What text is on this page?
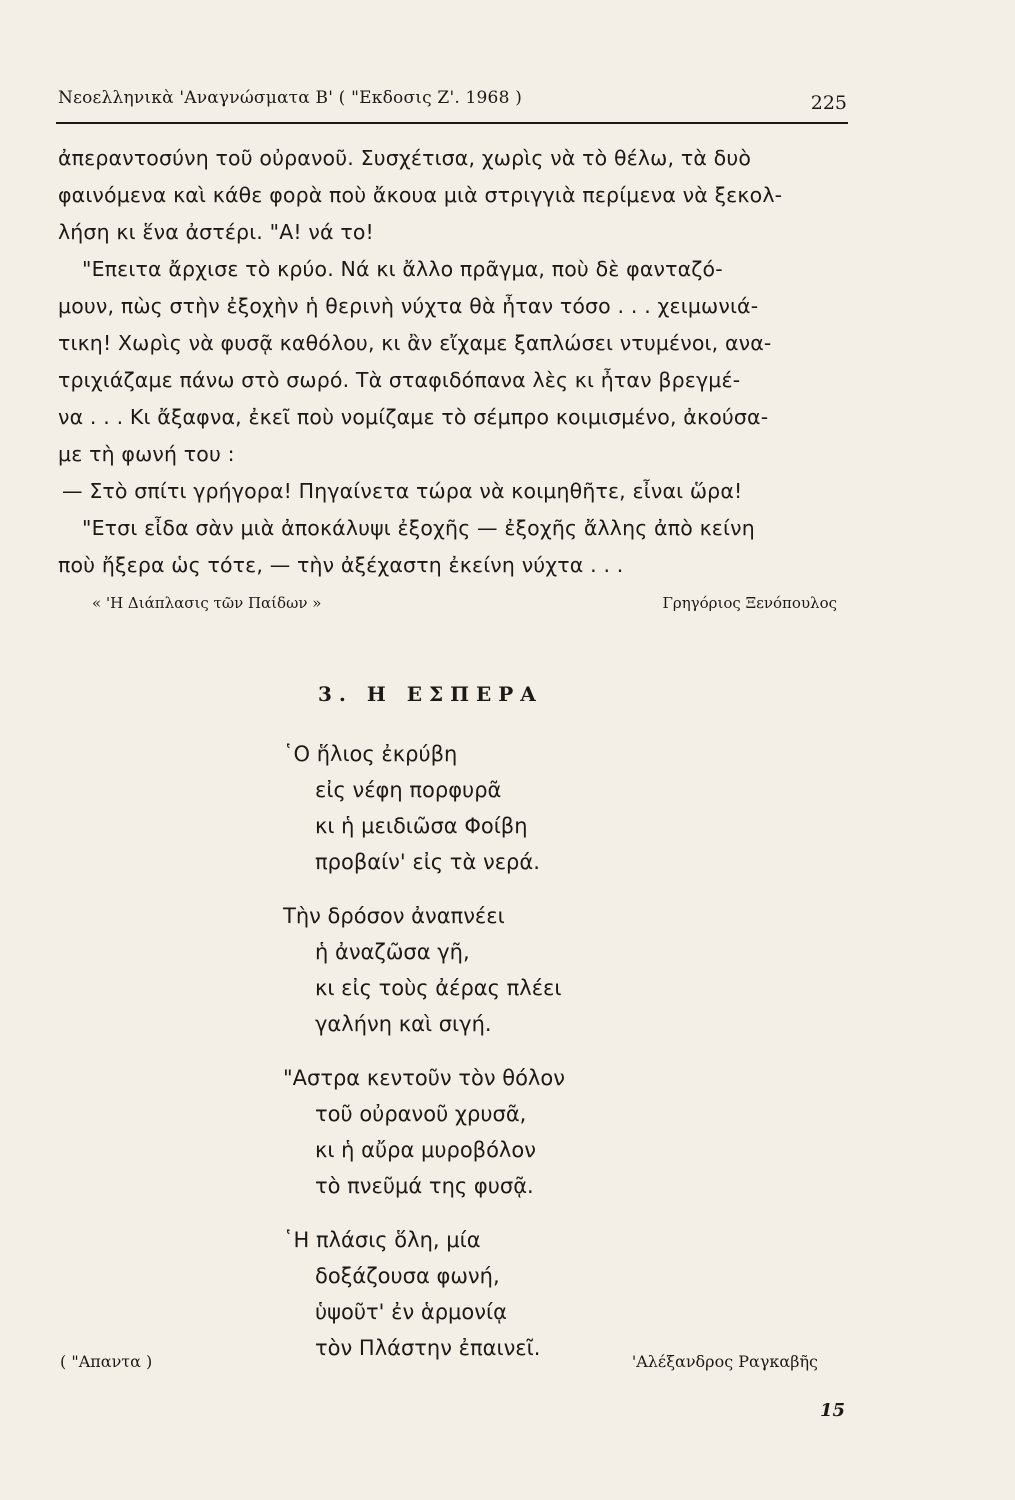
Νεοελληνικὰ 'Αναγνώσματα Β' ( "Εκδοσις Ζ'. 1968 )	225
ἀπεραντοσύνη τοῦ οὐρανοῦ. Συσχέτισα, χωρὶς νὰ τὸ θέλω, τὰ δυὸ
φαινόμενα καὶ κάθε φορὰ ποὺ ἄκουα μιὰ στριγγιὰ περίμενα νὰ ξεκολ-
λήση κι ἕνα ἀστέρι. "Α! νά το!
"Επειτα ἄρχισε τὸ κρύο. Νά κι ἄλλο πρᾶγμα, ποὺ δὲ φανταζό-
μουν, πὼς στὴν ἐξοχὴν ἡ θερινὴ νύχτα θὰ ἦταν τόσο . . . χειμωνιά-
τικη! Χωρὶς νὰ φυσᾷ καθόλου, κι ἂν εἴχαμε ξαπλώσει ντυμένοι, ανα-
τριχιάζαμε πάνω στὸ σωρό. Τὰ σταφιδόπανα λὲς κι ἦταν βρεγμέ-
να . . . Κι ἄξαφνα, ἐκεῖ ποὺ νομίζαμε τὸ σέμπρο κοιμισμένο, ἀκούσα-
με τὴ φωνή του :
— Στὸ σπίτι γρήγορα! Πηγαίνετα τώρα νὰ κοιμηθῆτε, εἶναι ὥρα!
"Ετσι εἶδα σὰν μιὰ ἀποκάλυψι ἐξοχῆς — ἐξοχῆς ἄλλης ἀπὸ κείνη
ποὺ ἤξερα ὡς τότε, — τὴν ἀξέχαστη ἐκείνη νύχτα . . .
« 'Η Διάπλασις τῶν Παίδων »	Γρηγόριος Ξενόπουλος
3. Η ΕΣΠΕΡΑ
῾Ο ἥλιος ἐκρύβη
εἰς νέφη πορφυρᾶ
κι ἡ μειδιῶσα Φοίβη
προβαίν' εἰς τὰ νερά.
Τὴν δρόσον ἀναπνέει
ἡ ἀναζῶσα γῆ,
κι εἰς τοὺς ἀέρας πλέει
γαλήνη καὶ σιγή.
"Αστρα κεντοῦν τὸν θόλον
τοῦ οὐρανοῦ χρυσᾶ,
κι ἡ αὔρα μυροβόλον
τὸ πνεῦμά της φυσᾷ.
῾Η πλάσις ὅλη, μία
δοξάζουσα φωνή,
ὑψοῦτ' ἐν ἁρμονίᾳ
τὸν Πλάστην ἐπαινεῖ.
( "Απαντα )	'Αλέξανδρος Ραγκαβῆς
15
